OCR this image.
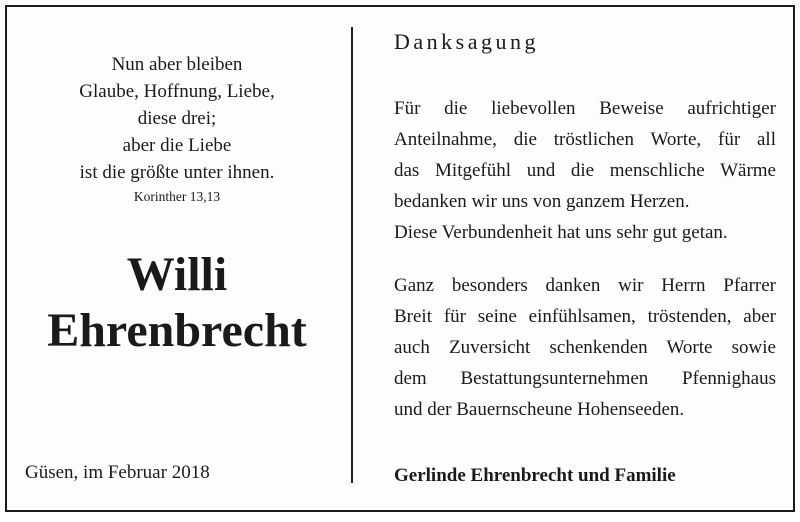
Nun aber bleiben
Glaube, Hoffnung, Liebe,
diese drei;
aber die Liebe
ist die größte unter ihnen.
Korinther 13,13
Willi
Ehrenbrecht
Güsen, im Februar 2018
Danksagung
Für die liebevollen Beweise aufrichtiger
Anteilnahme, die tröstlichen Worte, für all
das Mitgefühl und die menschliche Wärme
bedanken wir uns von ganzem Herzen.
Diese Verbundenheit hat uns sehr gut getan.
Ganz besonders danken wir Herrn Pfarrer
Breit für seine einfühlsamen, tröstenden, aber
auch Zuversicht schenkenden Worte sowie
dem Bestattungsunternehmen Pfennighaus
und der Bauernscheune Hohenseeden.
Gerlinde Ehrenbrecht und Familie
